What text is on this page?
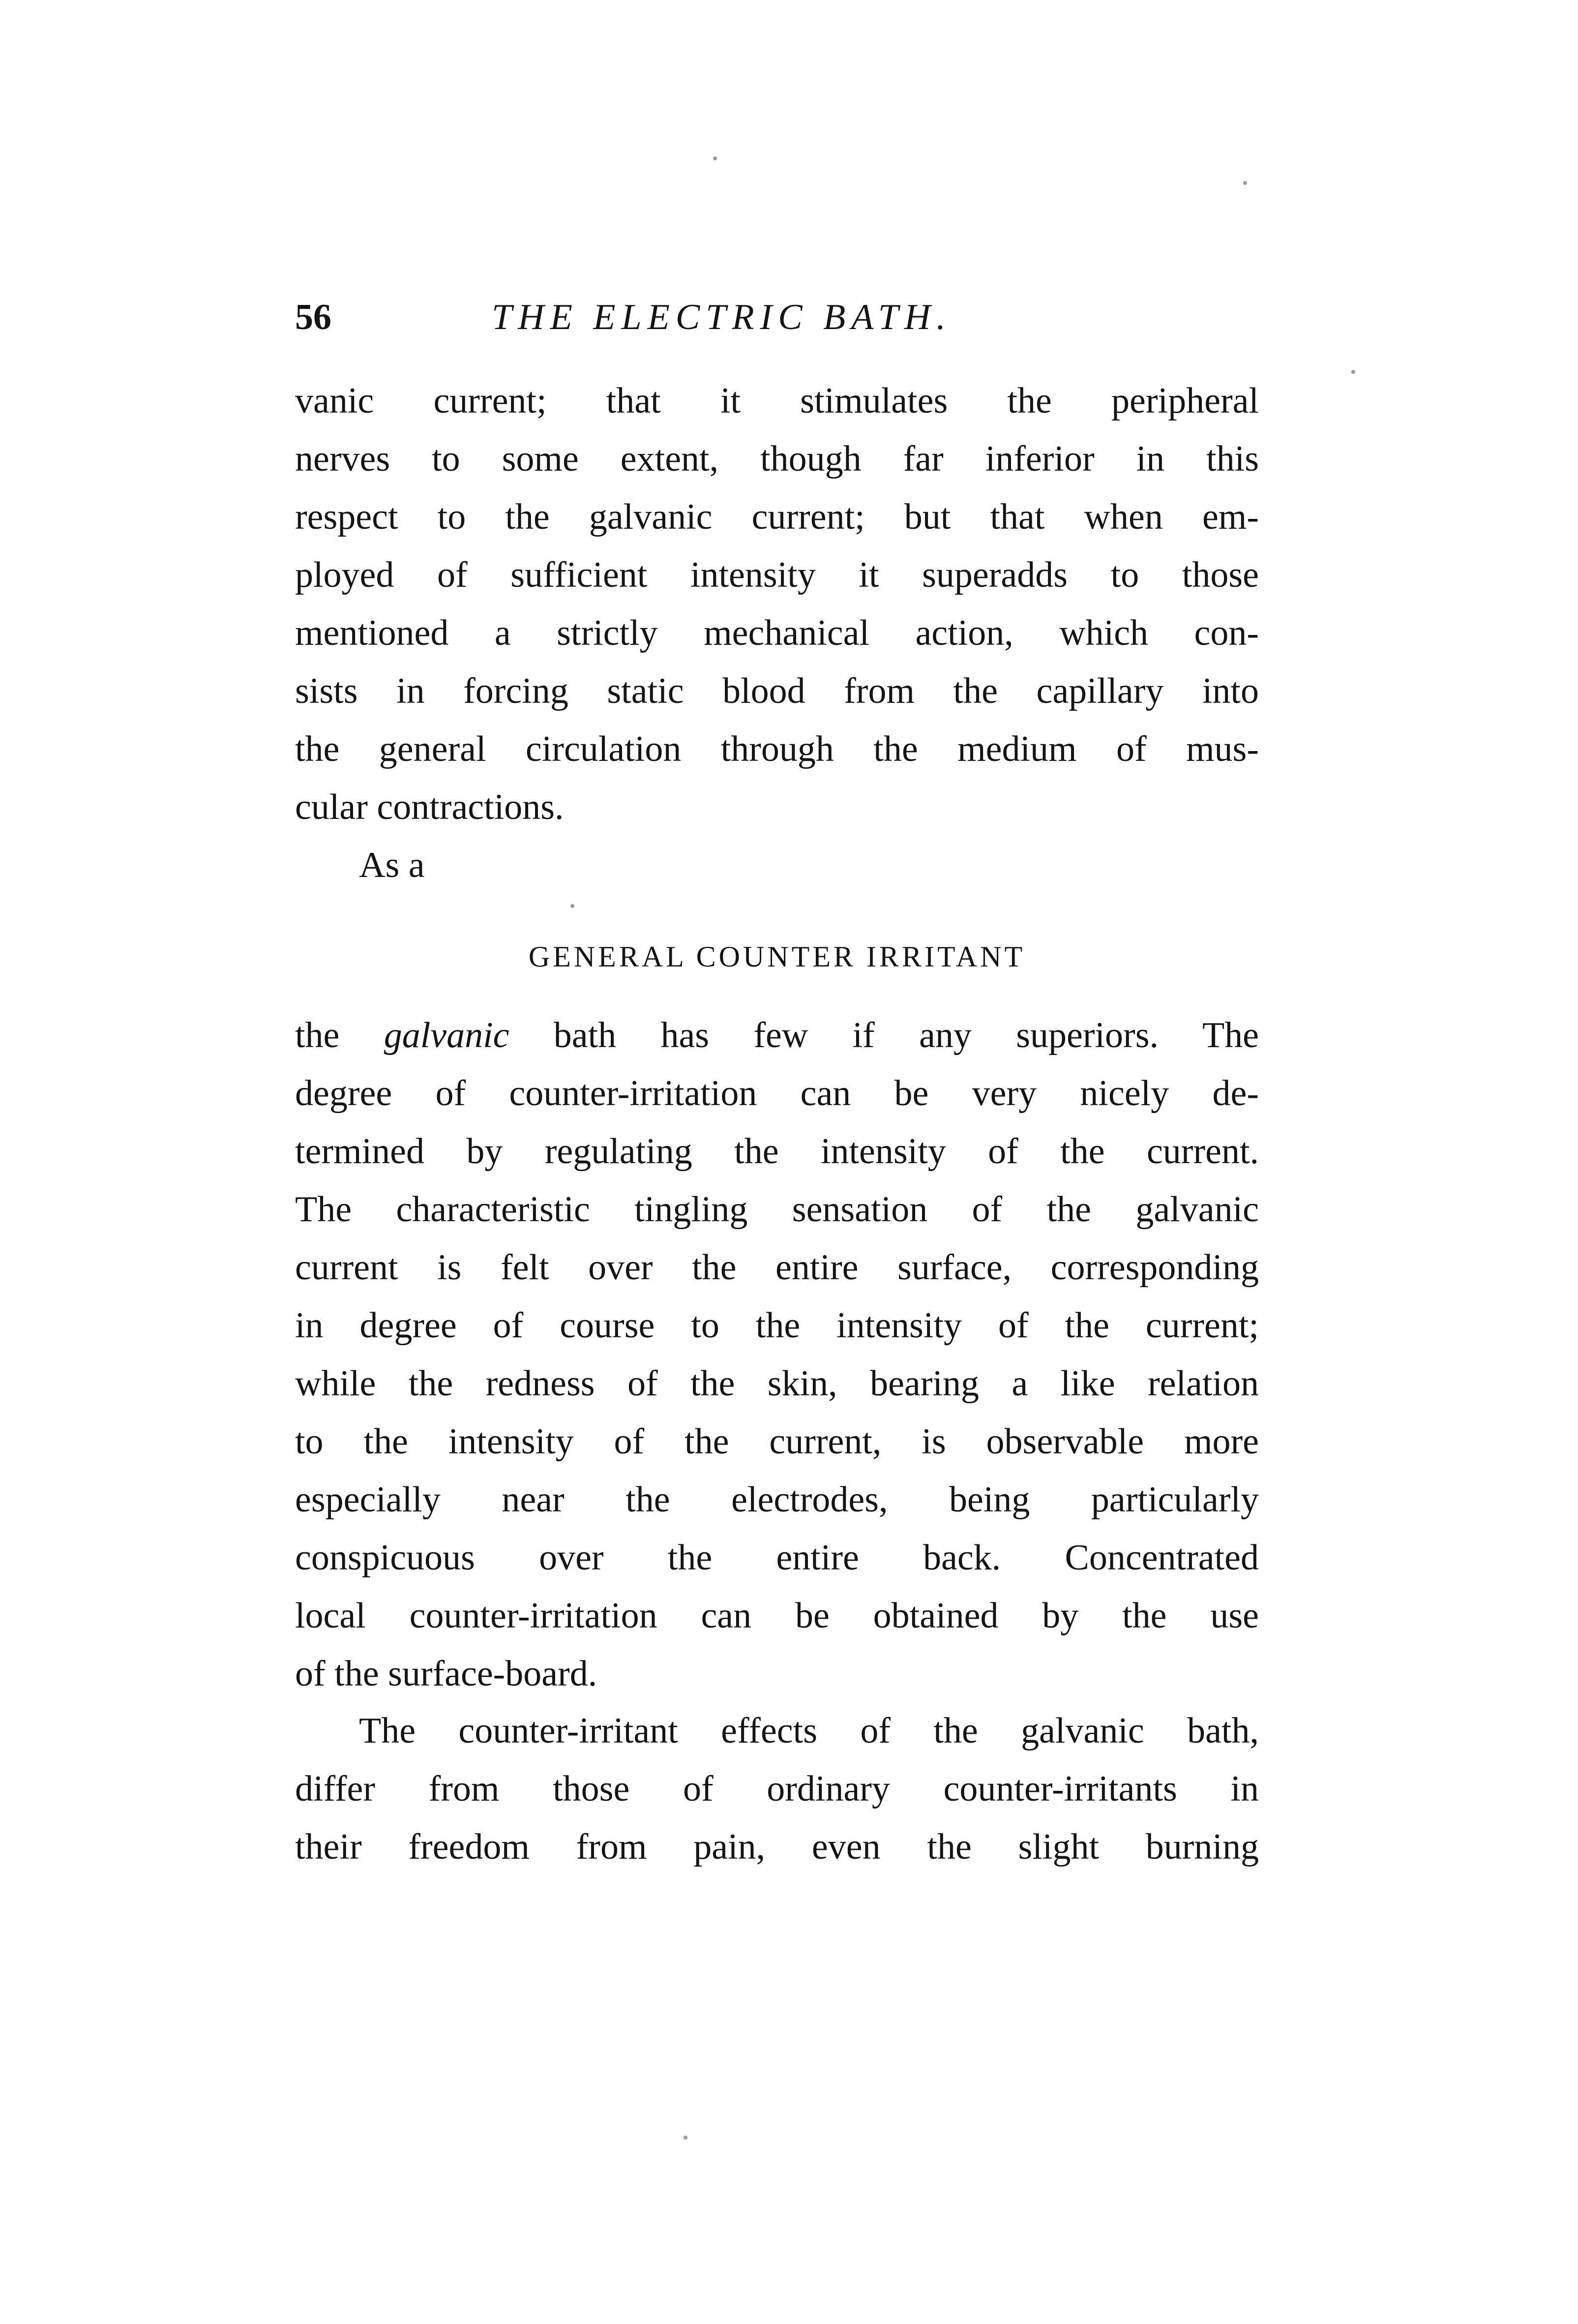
56	THE ELECTRIC BATH.
vanic current; that it stimulates the peripheral
nerves to some extent, though far inferior in this
respect to the galvanic current; but that when em-
ployed of sufficient intensity it superadds to those
mentioned a strictly mechanical action, which con-
sists in forcing static blood from the capillary into
the general circulation through the medium of mus-
cular contractions.
As a
GENERAL COUNTER IRRITANT
the galvanic bath has few if any superiors. The
degree of counter-irritation can be very nicely de-
termined by regulating the intensity of the current.
The characteristic tingling sensation of the galvanic
current is felt over the entire surface, corresponding
in degree of course to the intensity of the current;
while the redness of the skin, bearing a like relation
to the intensity of the current, is observable more
especially near the electrodes, being particularly
conspicuous over the entire back. Concentrated
local counter-irritation can be obtained by the use
of the surface-board.
The counter-irritant effects of the galvanic bath,
differ from those of ordinary counter-irritants in
their freedom from pain, even the slight burning
